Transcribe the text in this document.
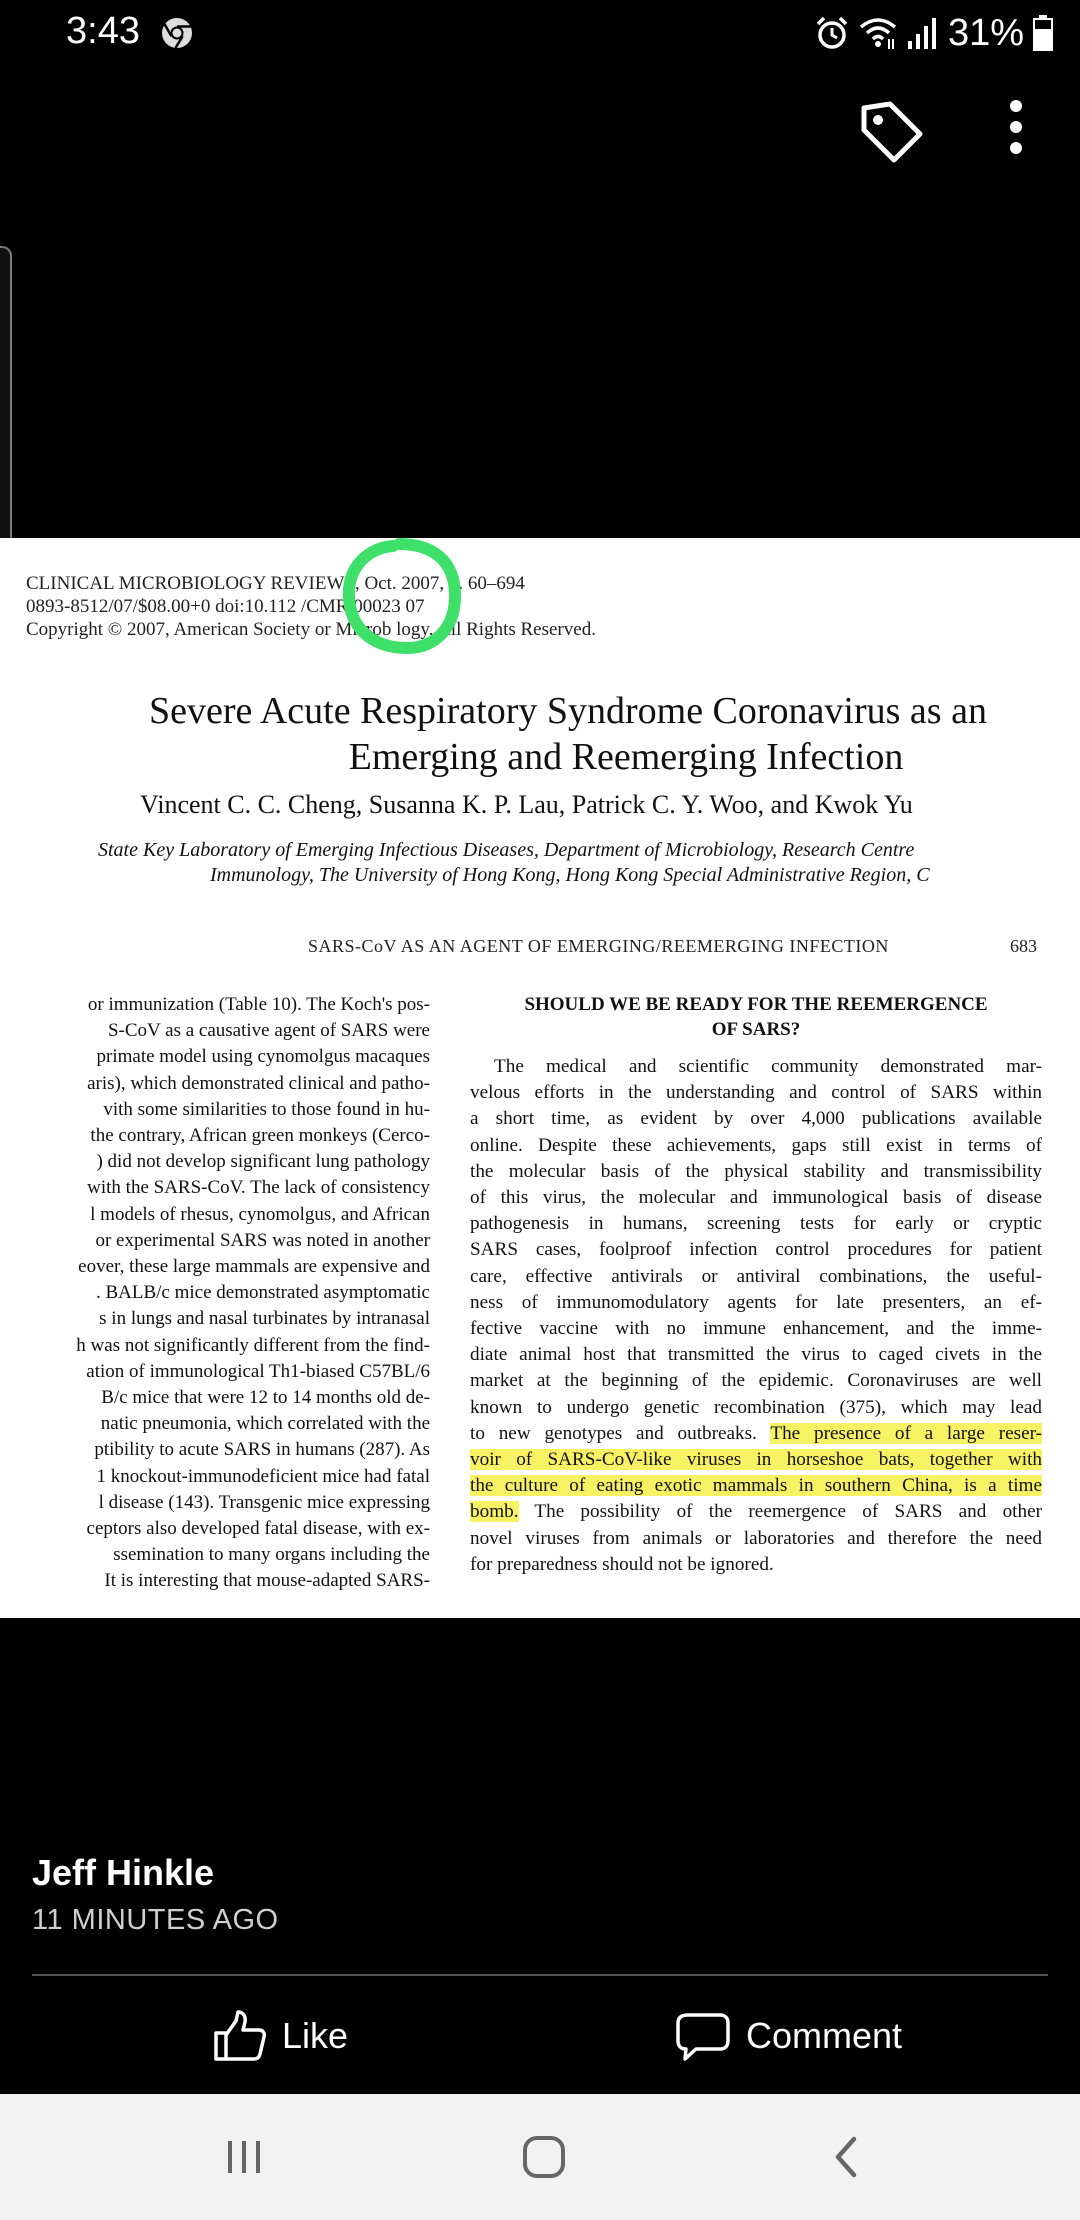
3:43	31%
CLINICAL MICROBIOLOGY REVIEWS, Oct. 2007, p. 60–694
0893-8512/07/$08.00+0 doi:10.112 /CMR.00023 07
Copyright © 2007, American Society or Microb logy. All Rights Reserved.
Severe Acute Respiratory Syndrome Coronavirus as an
Emerging and Reemerging Infection
Vincent C. C. Cheng, Susanna K. P. Lau, Patrick C. Y. Woo, and Kwok Yu
State Key Laboratory of Emerging Infectious Diseases, Department of Microbiology, Research Centre
Immunology, The University of Hong Kong, Hong Kong Special Administrative Region, C
SARS-CoV AS AN AGENT OF EMERGING/REEMERGING INFECTION	683
or immunization (Table 10). The Koch's pos-
S-CoV as a causative agent of SARS were
primate model using cynomolgus macaques
aris), which demonstrated clinical and patho-
vith some similarities to those found in hu-
the contrary, African green monkeys (Cerco-
) did not develop significant lung pathology
with the SARS-CoV. The lack of consistency
l models of rhesus, cynomolgus, and African
or experimental SARS was noted in another
eover, these large mammals are expensive and
. BALB/c mice demonstrated asymptomatic
s in lungs and nasal turbinates by intranasal
h was not significantly different from the find-
ation of immunological Th1-biased C57BL/6
B/c mice that were 12 to 14 months old de-
natic pneumonia, which correlated with the
ptibility to acute SARS in humans (287). As
1 knockout-immunodeficient mice had fatal
l disease (143). Transgenic mice expressing
ceptors also developed fatal disease, with ex-
ssemination to many organs including the
It is interesting that mouse-adapted SARS-
SHOULD WE BE READY FOR THE REEMERGENCE
OF SARS?
The medical and scientific community demonstrated mar-
velous efforts in the understanding and control of SARS within
a short time, as evident by over 4,000 publications available
online. Despite these achievements, gaps still exist in terms of
the molecular basis of the physical stability and transmissibility
of this virus, the molecular and immunological basis of disease
pathogenesis in humans, screening tests for early or cryptic
SARS cases, foolproof infection control procedures for patient
care, effective antivirals or antiviral combinations, the useful-
ness of immunomodulatory agents for late presenters, an ef-
fective vaccine with no immune enhancement, and the imme-
diate animal host that transmitted the virus to caged civets in the
market at the beginning of the epidemic. Coronaviruses are well
known to undergo genetic recombination (375), which may lead
to new genotypes and outbreaks. The presence of a large reser-
voir of SARS-CoV-like viruses in horseshoe bats, together with
the culture of eating exotic mammals in southern China, is a time
bomb. The possibility of the reemergence of SARS and other
novel viruses from animals or laboratories and therefore the need
for preparedness should not be ignored.
Jeff Hinkle
11 MINUTES AGO
Like	Comment
